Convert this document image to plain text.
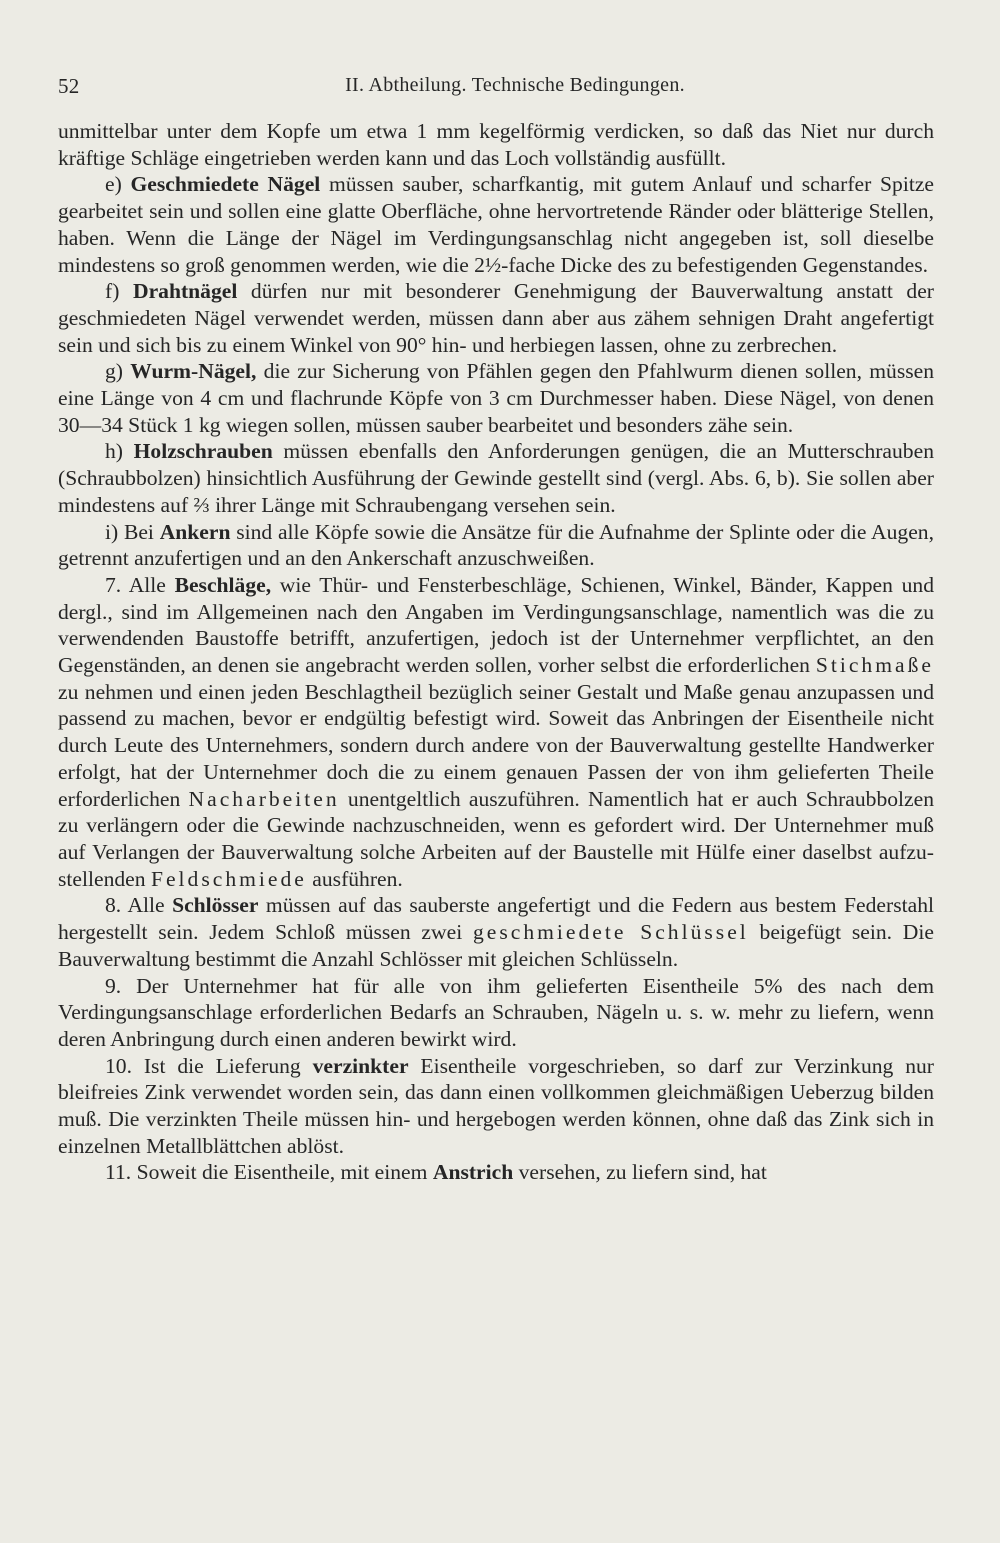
52	II. Abtheilung. Technische Bedingungen.

unmittelbar unter dem Kopfe um etwa 1 mm kegelförmig verdicken, so daß das Niet nur durch kräftige Schläge eingetrieben werden kann und das Loch vollständig ausfüllt.

e) Geschmiedete Nägel müssen sauber, scharfkantig, mit gutem Anlauf und scharfer Spitze gearbeitet sein und sollen eine glatte Oberfläche, ohne hervortretende Ränder oder blätterige Stellen, haben. Wenn die Länge der Nägel im Verdingungsanschlag nicht angegeben ist, soll dieselbe mindestens so groß genommen werden, wie die 2½-fache Dicke des zu befestigenden Gegenstandes.

f) Drahtnägel dürfen nur mit besonderer Genehmigung der Bauverwaltung anstatt der geschmiedeten Nägel verwendet werden, müssen dann aber aus zähem sehnigen Draht angefertigt sein und sich bis zu einem Winkel von 90° hin- und herbiegen lassen, ohne zu zerbrechen.

g) Wurm-Nägel, die zur Sicherung von Pfählen gegen den Pfahlwurm dienen sollen, müssen eine Länge von 4 cm und flachrunde Köpfe von 3 cm Durchmesser haben. Diese Nägel, von denen 30—34 Stück 1 kg wiegen sollen, müssen sauber bearbeitet und besonders zähe sein.

h) Holzschrauben müssen ebenfalls den Anforderungen genügen, die an Mutterschrauben (Schraubbolzen) hinsichtlich Ausführung der Gewinde gestellt sind (vergl. Abs. 6, b). Sie sollen aber mindestens auf ⅔ ihrer Länge mit Schraubengang versehen sein.

i) Bei Ankern sind alle Köpfe sowie die Ansätze für die Aufnahme der Splinte oder die Augen, getrennt anzufertigen und an den Ankerschaft anzuschweißen.

7. Alle Beschläge, wie Thür- und Fensterbeschläge, Schienen, Winkel, Bänder, Kappen und dergl., sind im Allgemeinen nach den Angaben im Verdingungsanschlage, namentlich was die zu verwendenden Baustoffe betrifft, anzufertigen, jedoch ist der Unternehmer verpflichtet, an den Gegenständen, an denen sie angebracht werden sollen, vorher selbst die erforderlichen Stichmaße zu nehmen und einen jeden Beschlagtheil bezüglich seiner Gestalt und Maße genau anzupassen und passend zu machen, bevor er endgültig befestigt wird. Soweit das Anbringen der Eisentheile nicht durch Leute des Unternehmers, sondern durch andere von der Bauverwaltung gestellte Handwerker erfolgt, hat der Unternehmer doch die zu einem genauen Passen der von ihm gelieferten Theile erforderlichen Nacharbeiten unentgeltlich auszuführen. Namentlich hat er auch Schraubbolzen zu verlängern oder die Gewinde nachzuschneiden, wenn es gefordert wird. Der Unternehmer muß auf Verlangen der Bauverwaltung solche Arbeiten auf der Baustelle mit Hülfe einer daselbst aufzustellenden Feldschmiede ausführen.

8. Alle Schlösser müssen auf das sauberste angefertigt und die Federn aus bestem Federstahl hergestellt sein. Jedem Schloß müssen zwei geschmiedete Schlüssel beigefügt sein. Die Bauverwaltung bestimmt die Anzahl Schlösser mit gleichen Schlüsseln.

9. Der Unternehmer hat für alle von ihm gelieferten Eisentheile 5% des nach dem Verdingungsanschlage erforderlichen Bedarfs an Schrauben, Nägeln u. s. w. mehr zu liefern, wenn deren Anbringung durch einen anderen bewirkt wird.

10. Ist die Lieferung verzinkter Eisentheile vorgeschrieben, so darf zur Verzinkung nur bleifreies Zink verwendet worden sein, das dann einen vollkommen gleichmäßigen Ueberzug bilden muß. Die verzinkten Theile müssen hin- und hergebogen werden können, ohne daß das Zink sich in einzelnen Metallblättchen ablöst.

11. Soweit die Eisentheile, mit einem Anstrich versehen, zu liefern sind, hat
